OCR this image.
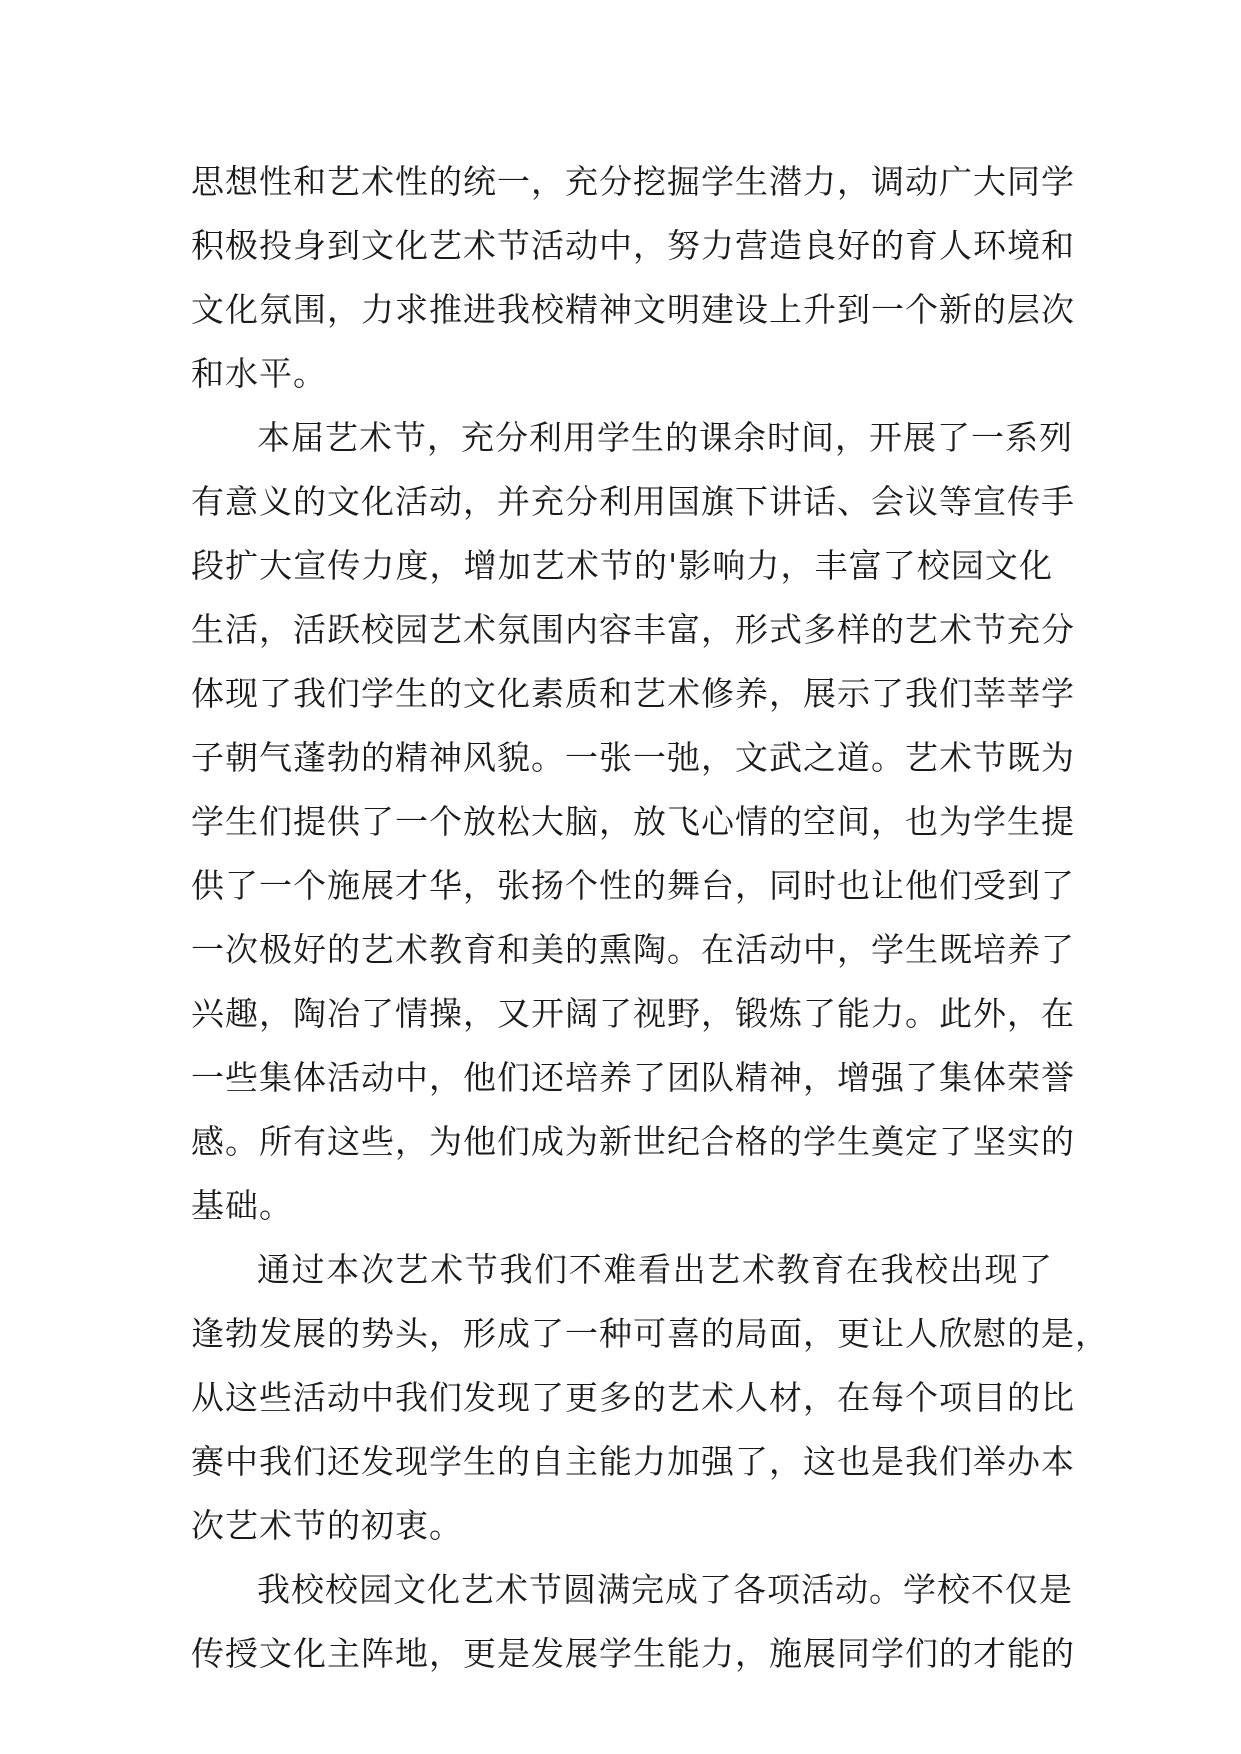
思想性和艺术性的统一，充分挖掘学生潜力，调动广大同学
积极投身到文化艺术节活动中，努力营造良好的育人环境和
文化氛围，力求推进我校精神文明建设上升到一个新的层次
和水平。
本届艺术节，充分利用学生的课余时间，开展了一系列
有意义的文化活动，并充分利用国旗下讲话、会议等宣传手
段扩大宣传力度，增加艺术节的'影响力，丰富了校园文化
生活，活跃校园艺术氛围内容丰富，形式多样的艺术节充分
体现了我们学生的文化素质和艺术修养，展示了我们莘莘学
子朝气蓬勃的精神风貌。一张一弛，文武之道。艺术节既为
学生们提供了一个放松大脑，放飞心情的空间，也为学生提
供了一个施展才华，张扬个性的舞台，同时也让他们受到了
一次极好的艺术教育和美的熏陶。在活动中，学生既培养了
兴趣，陶冶了情操，又开阔了视野，锻炼了能力。此外，在
一些集体活动中，他们还培养了团队精神，增强了集体荣誉
感。所有这些，为他们成为新世纪合格的学生奠定了坚实的
基础。
通过本次艺术节我们不难看出艺术教育在我校出现了
逢勃发展的势头，形成了一种可喜的局面，更让人欣慰的是，
从这些活动中我们发现了更多的艺术人材，在每个项目的比
赛中我们还发现学生的自主能力加强了，这也是我们举办本
次艺术节的初衷。
我校校园文化艺术节圆满完成了各项活动。学校不仅是
传授文化主阵地，更是发展学生能力，施展同学们的才能的
